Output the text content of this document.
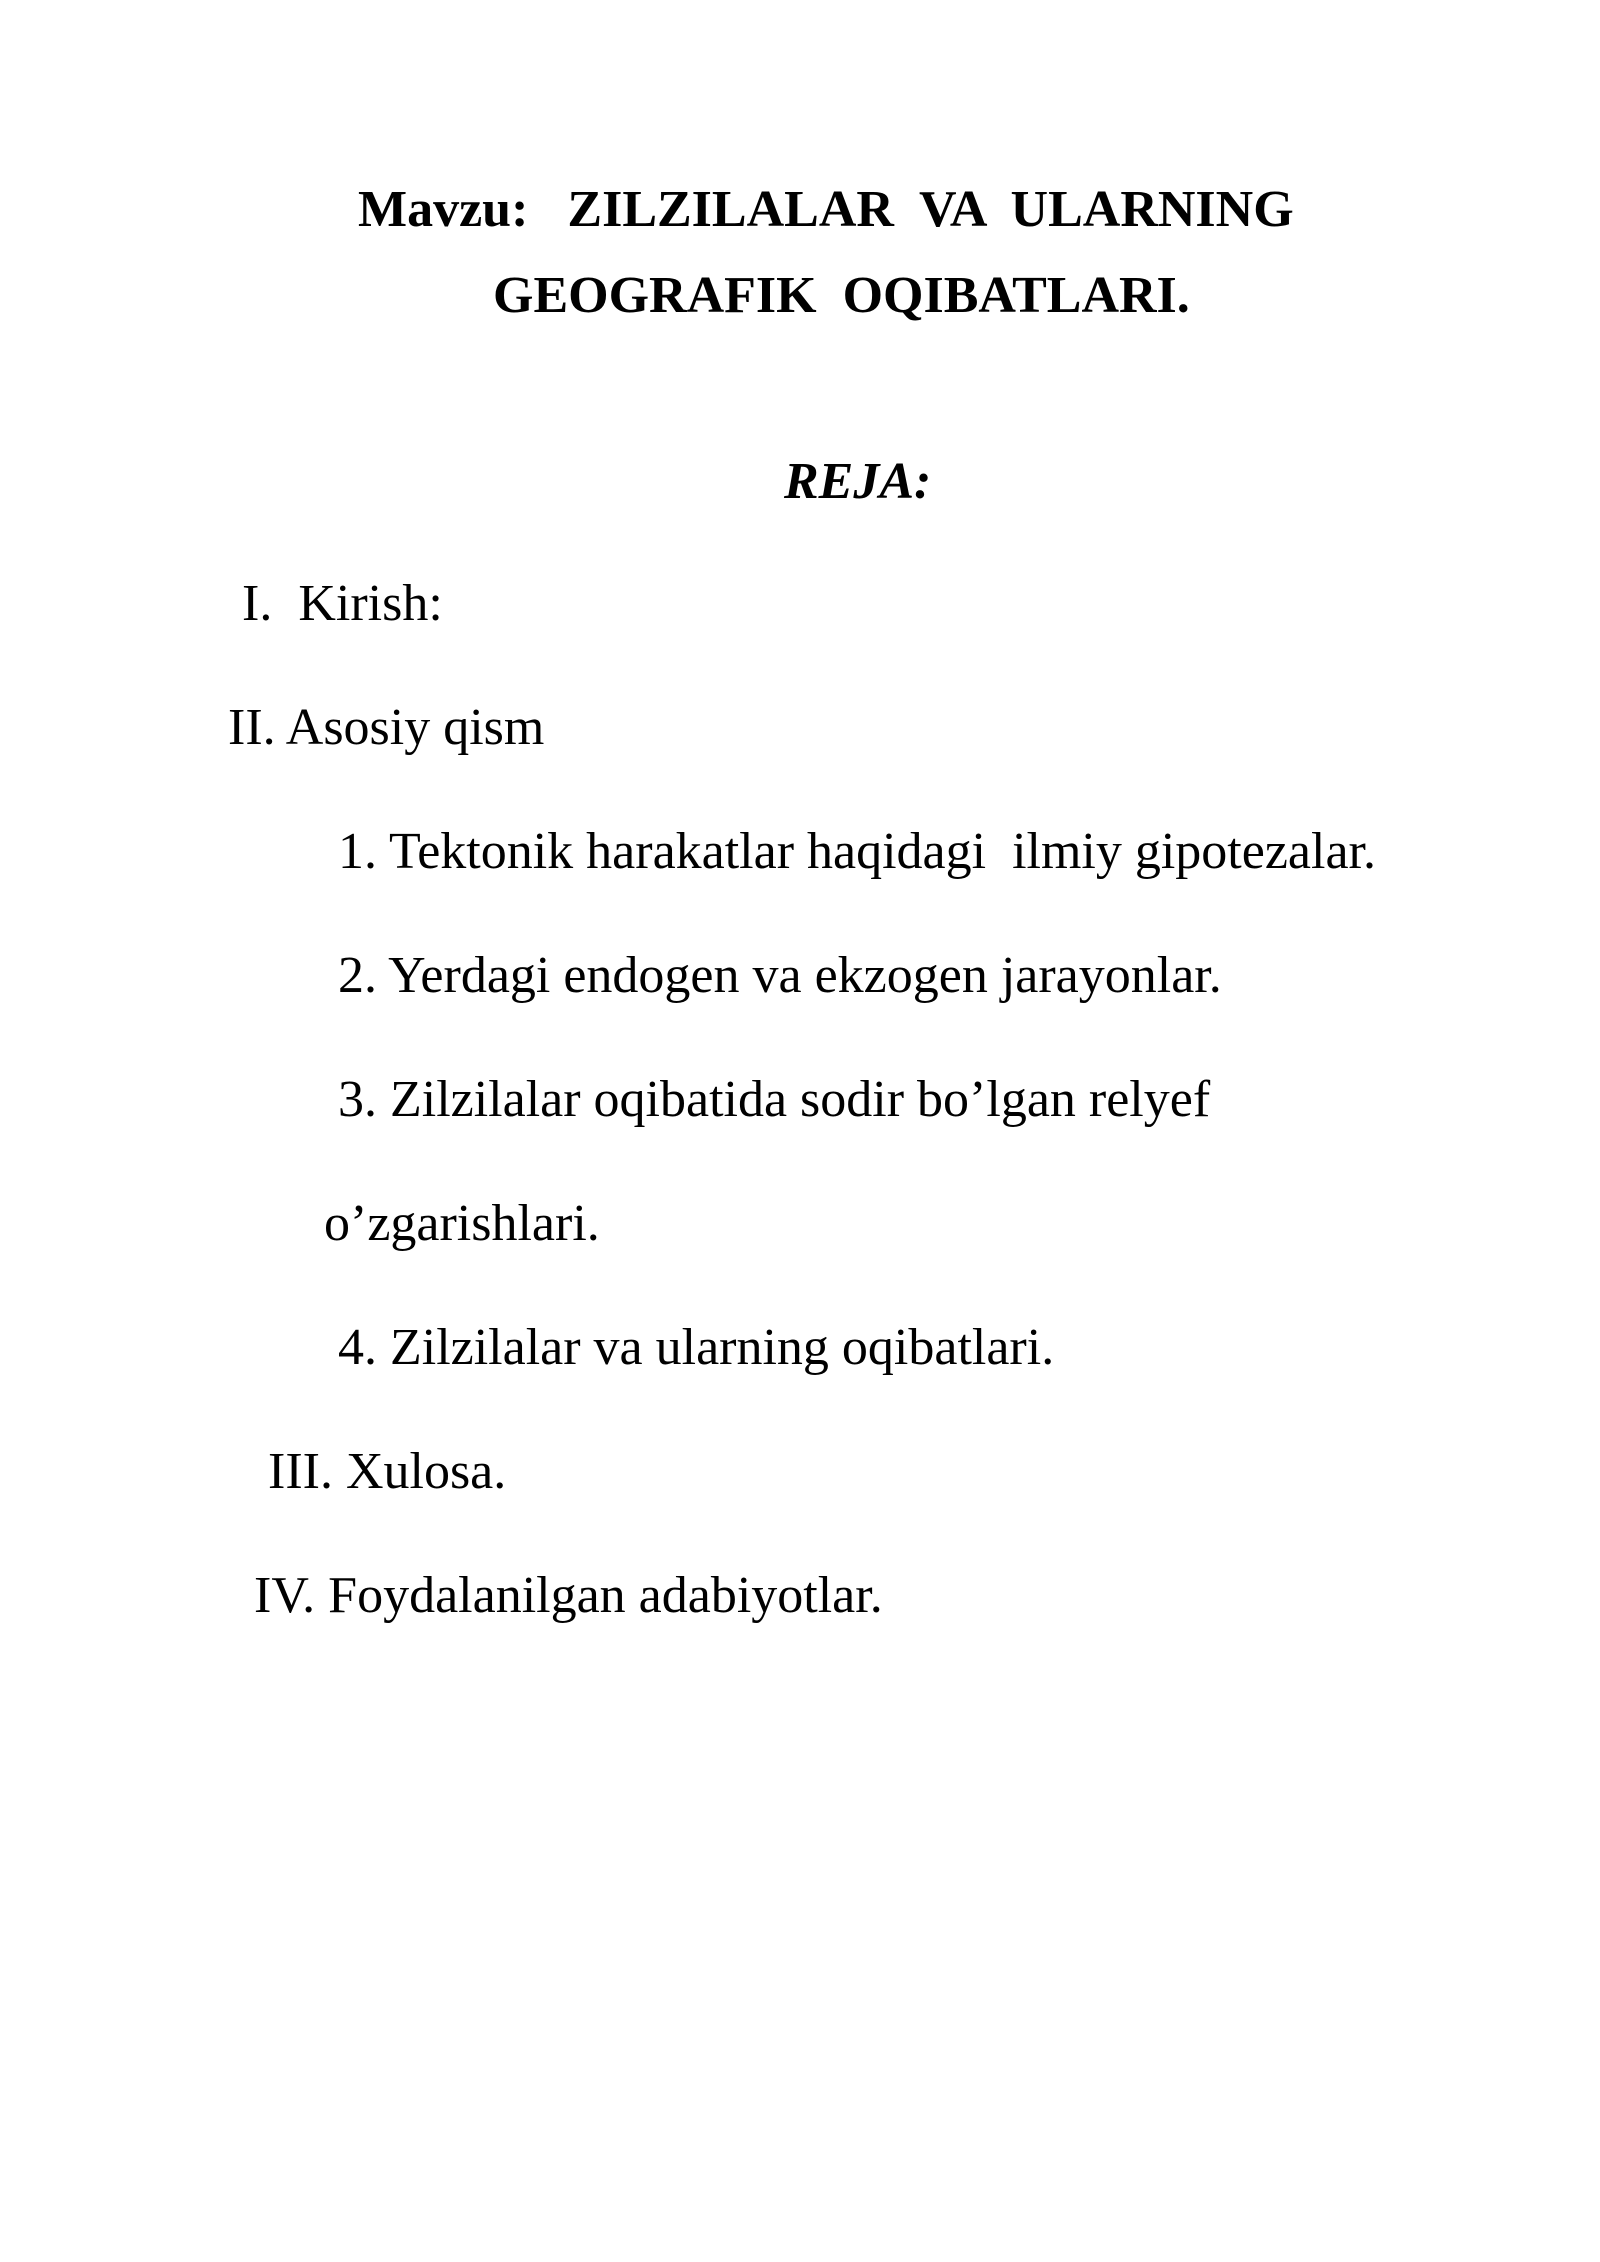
Mavzu:   ZILZILALAR  VA  ULARNING
GEOGRAFIK  OQIBATLARI.
REJA:
I.  Kirish:
II. Asosiy qism
1. Tektonik harakatlar haqidagi  ilmiy gipotezalar.
2. Yerdagi endogen va ekzogen jarayonlar.
3. Zilzilalar oqibatida sodir bo’lgan relyef
o’zgarishlari.
4. Zilzilalar va ularning oqibatlari.
III. Xulosa.
IV. Foydalanilgan adabiyotlar.
